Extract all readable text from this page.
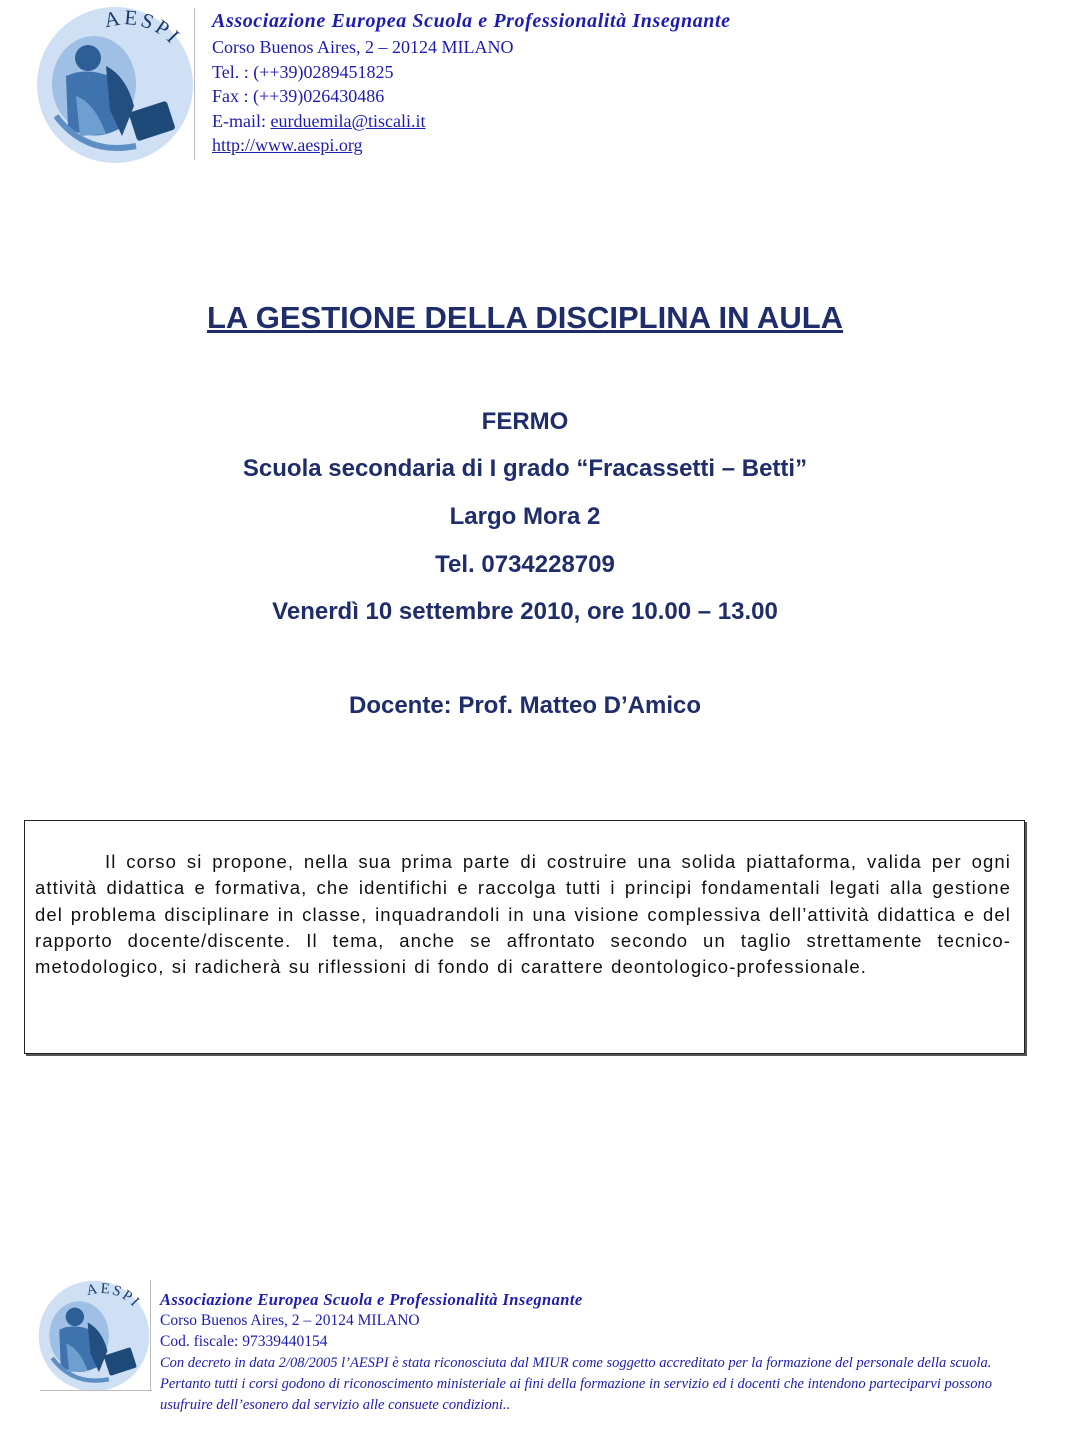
AESPI
Associazione Europea Scuola e Professionalità Insegnante
Corso Buenos Aires, 2 – 20124 MILANO
Tel. : (++39)0289451825
Fax : (++39)026430486
E-mail: eurduemila@tiscali.it
http://www.aespi.org
LA GESTIONE DELLA DISCIPLINA IN AULA
FERMO
Scuola secondaria di I grado “Fracassetti – Betti”
Largo Mora 2
Tel. 0734228709
Venerdì 10 settembre 2010, ore 10.00 – 13.00
Docente: Prof. Matteo D’Amico
Il corso si propone, nella sua prima parte di costruire una solida piattaforma, valida per ogni attività didattica e formativa, che identifichi e raccolga tutti i principi fondamentali legati alla gestione del problema disciplinare in classe, inquadrandoli in una visione complessiva dell’attività didattica e del rapporto docente/discente. Il tema, anche se affrontato secondo un taglio strettamente tecnico-metodologico, si radicherà su riflessioni di fondo di carattere deontologico-professionale.
AESPI Associazione Europea Scuola e Professionalità Insegnante
Corso Buenos Aires, 2 – 20124 MILANO
Cod. fiscale: 97339440154
Con decreto in data 2/08/2005 l’AESPI è stata riconosciuta dal MIUR come soggetto accreditato per la formazione del personale della scuola. Pertanto tutti i corsi godono di riconoscimento ministeriale ai fini della formazione in servizio ed i docenti che intendono parteciparvi possono usufruire dell’esonero dal servizio alle consuete condizioni..
